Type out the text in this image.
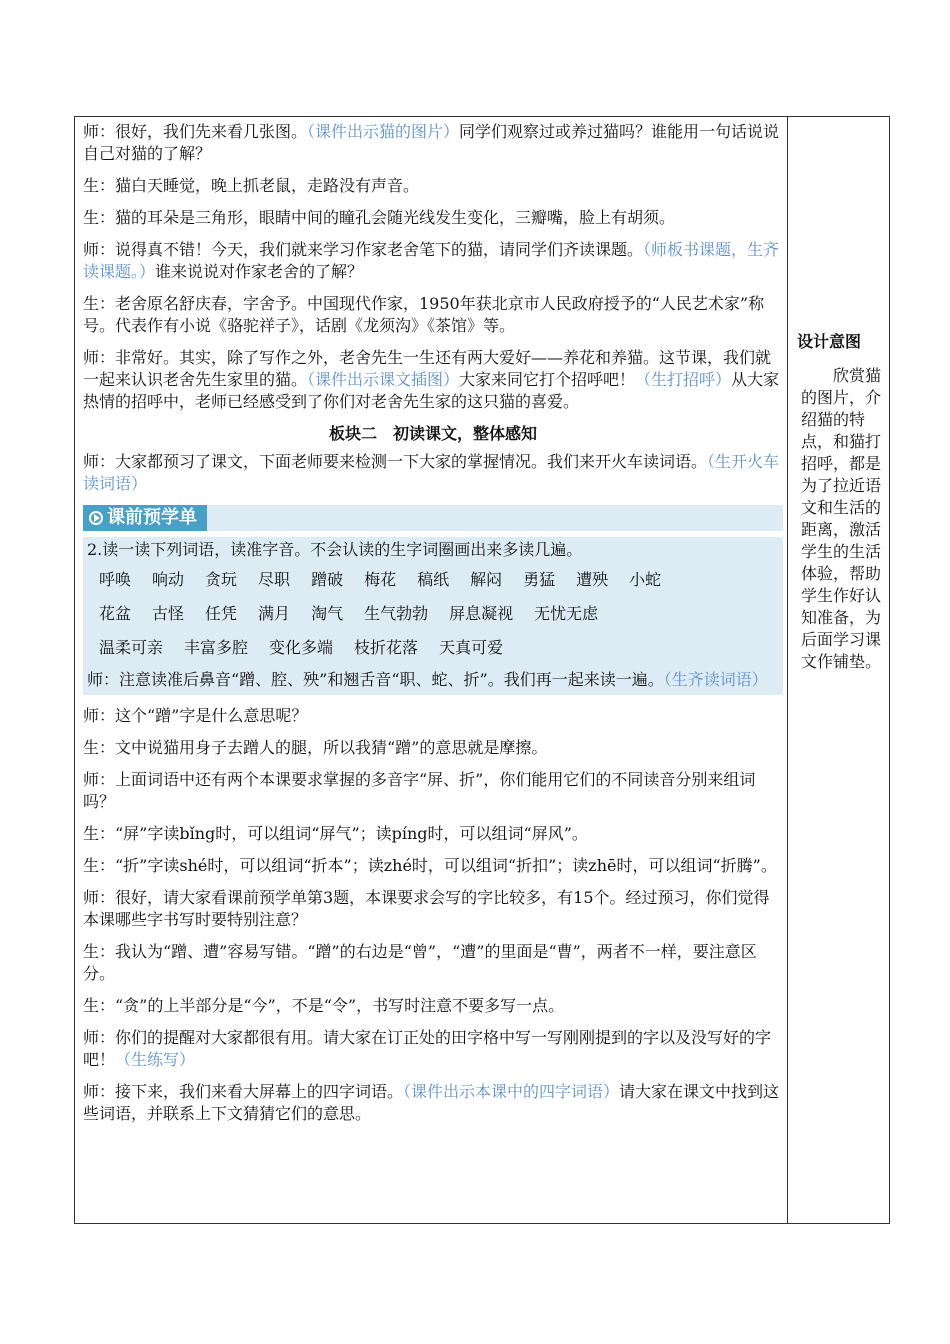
师：很好，我们先来看几张图。（课件出示猫的图片）同学们观察过或养过猫吗？谁能用一句话说说自己对猫的了解？

生：猫白天睡觉，晚上抓老鼠，走路没有声音。

生：猫的耳朵是三角形，眼睛中间的瞳孔会随光线发生变化，三瓣嘴，脸上有胡须。

师：说得真不错！今天，我们就来学习作家老舍笔下的猫，请同学们齐读课题。（师板书课题，生齐读课题。）谁来说说对作家老舍的了解？

生：老舍原名舒庆春，字舍予。中国现代作家，1950年获北京市人民政府授予的“人民艺术家”称号。代表作有小说《骆驼祥子》，话剧《龙须沟》《茶馆》等。

师：非常好。其实，除了写作之外，老舍先生一生还有两大爱好——养花和养猫。这节课，我们就一起来认识老舍先生家里的猫。（课件出示课文插图）大家来同它打个招呼吧！（生打招呼）从大家热情的招呼中，老师已经感受到了你们对老舍先生家的这只猫的喜爱。

板块二　初读课文，整体感知

师：大家都预习了课文，下面老师要来检测一下大家的掌握情况。我们来开火车读词语。（生开火车读词语）

课前预学单
2.读一读下列词语，读准字音。不会认读的生字词圈画出来多读几遍。
呼唤 响动 贪玩 尽职 蹭破 梅花 稿纸 解闷 勇猛 遭殃 小蛇
花盆 古怪 任凭 满月 淘气 生气勃勃 屏息凝视 无忧无虑
温柔可亲 丰富多腔 变化多端 枝折花落 天真可爱
师：注意读准后鼻音“蹭、腔、殃”和翘舌音“职、蛇、折”。我们再一起来读一遍。（生齐读词语）

师：这个“蹭”字是什么意思呢？

生：文中说猫用身子去蹭人的腿，所以我猜“蹭”的意思就是摩擦。

师：上面词语中还有两个本课要求掌握的多音字“屏、折”，你们能用它们的不同读音分别来组词吗？

生：“屏”字读bǐng时，可以组词“屏气”；读píng时，可以组词“屏风”。

生：“折”字读shé时，可以组词“折本”；读zhé时，可以组词“折扣”；读zhē时，可以组词“折腾”。

师：很好，请大家看课前预学单第3题，本课要求会写的字比较多，有15个。经过预习，你们觉得本课哪些字书写时要特别注意？

生：我认为“蹭、遭”容易写错。“蹭”的右边是“曾”，“遭”的里面是“曹”，两者不一样，要注意区分。

生：“贪”的上半部分是“今”，不是“令”，书写时注意不要多写一点。

师：你们的提醒对大家都很有用。请大家在订正处的田字格中写一写刚刚提到的字以及没写好的字吧！（生练写）

师：接下来，我们来看大屏幕上的四字词语。（课件出示本课中的四字词语）请大家在课文中找到这些词语，并联系上下文猜猜它们的意思。

设计意图
欣赏猫的图片，介绍猫的特点，和猫打招呼，都是为了拉近语文和生活的距离，激活学生的生活体验，帮助学生作好认知准备，为后面学习课文作铺垫。
